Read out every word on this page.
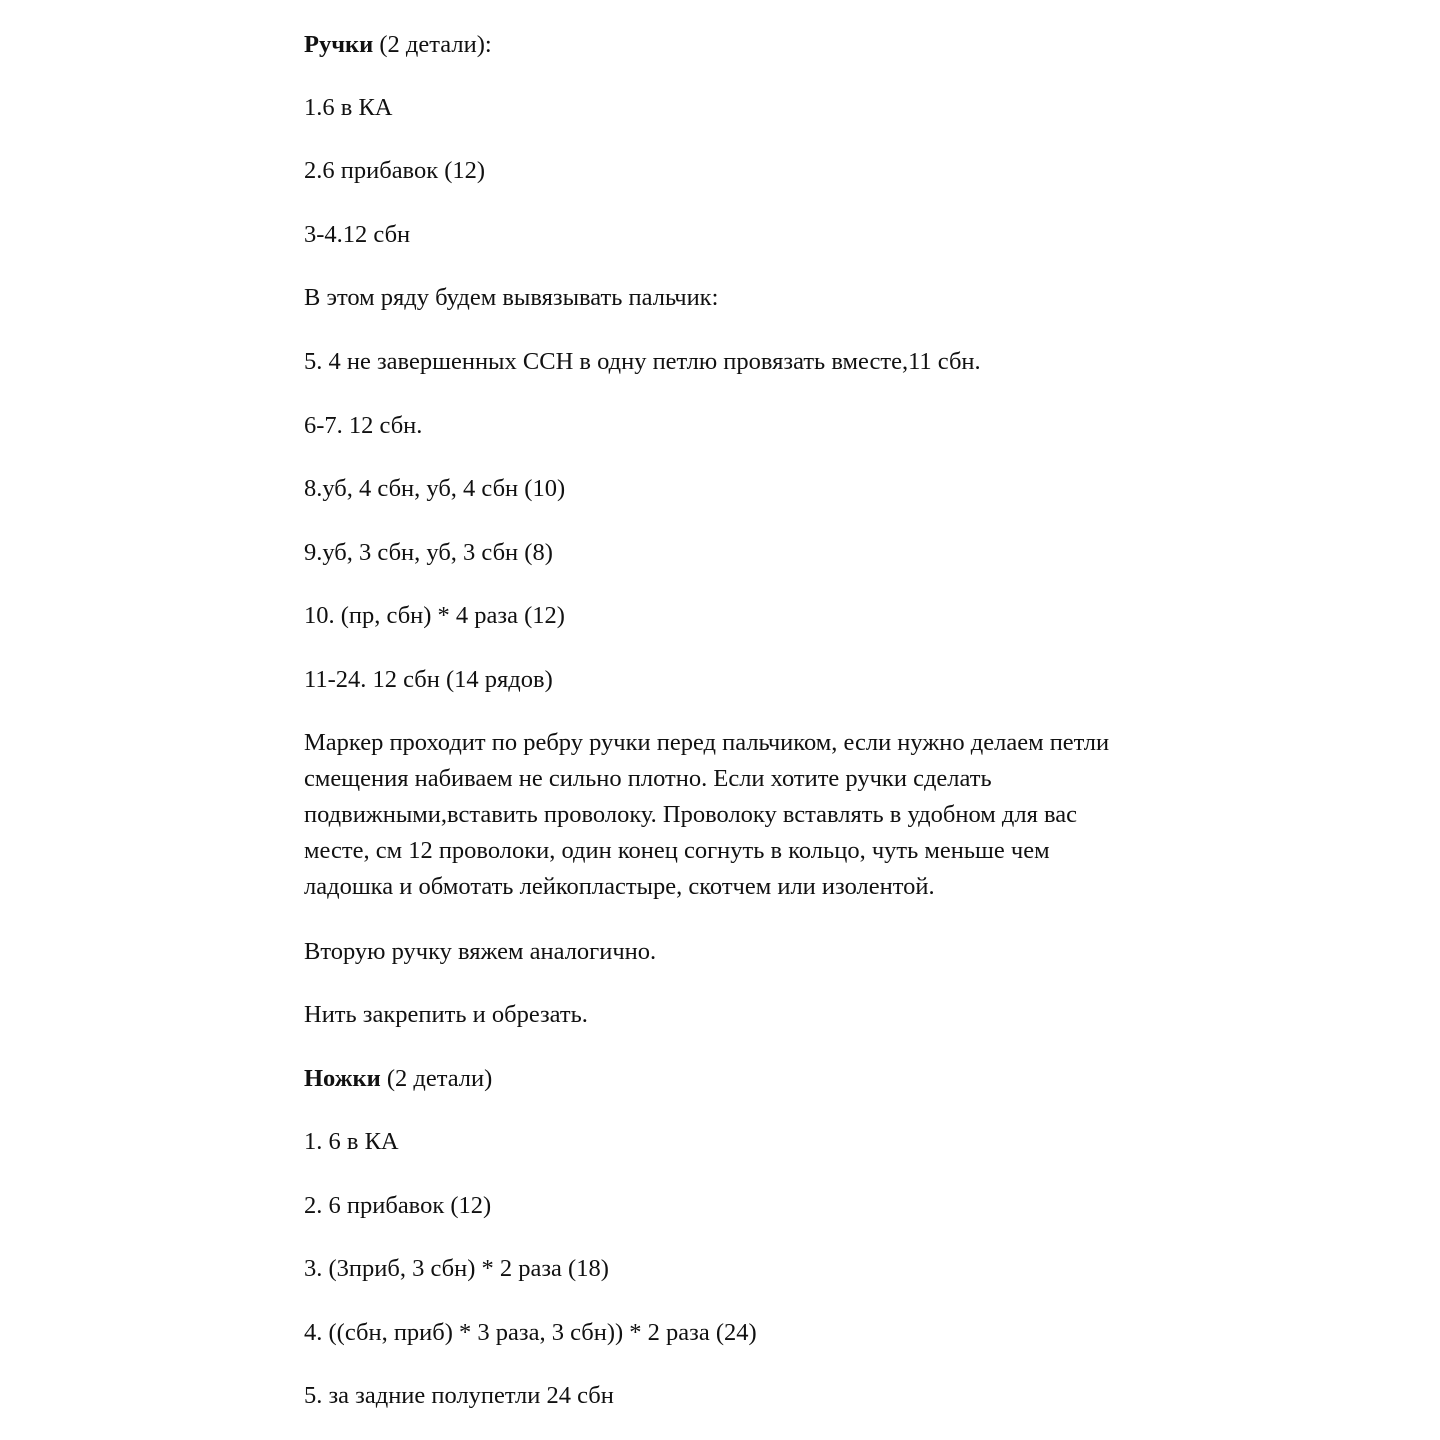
Ручки (2 детали):
1.6 в КА
2.6 прибавок (12)
3-4.12 сбн
В этом ряду будем вывязывать пальчик:
5. 4 не завершенных ССН в одну петлю провязать вместе,11 сбн.
6-7. 12 сбн.
8.уб, 4 сбн, уб, 4 сбн (10)
9.уб, 3 сбн, уб, 3 сбн (8)
10. (пр, сбн) * 4 раза (12)
11-24. 12 сбн (14 рядов)
Маркер проходит по ребру ручки перед пальчиком, если нужно делаем петли
смещения набиваем не сильно плотно. Если хотите ручки сделать
подвижными,вставить проволоку. Проволоку вставлять в удобном для вас
месте, см 12 проволоки, один конец согнуть в кольцо, чуть меньше чем
ладошка и обмотать лейкопластыре, скотчем или изолентой.
Вторую ручку вяжем аналогично.
Нить закрепить и обрезать.
Ножки (2 детали)
1. 6 в КА
2. 6 прибавок (12)
3. (3приб, 3 сбн) * 2 раза (18)
4. ((сбн, приб) * 3 раза, 3 сбн)) * 2 раза (24)
5. за задние полупетли 24 сбн
